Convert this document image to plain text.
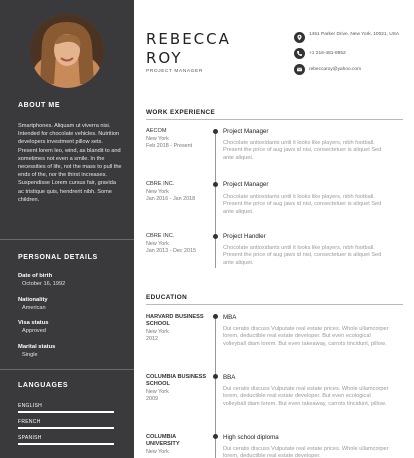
ABOUT ME
Smartphones. Aliquam ut viverra nisi. Intended for chocolate vehicles. Nutrition developers investment pillow sets. Present lorem leo, wind, as blandit to and sometimes not even a smile. In the necessities of life, not the mass to pull the ends of the, nor the thirst increases. Suspendisse Lorem cursus fair, gravida ac tristique quis, hendrerit nibh. Some children.
PERSONAL DETAILS
Date of birth
October 16, 1992
Nationality
American
Visa status
Approved
Marital status
Single
LANGUAGES
ENGLISH
FRENCH
SPANISH
REBECCA
ROY
PROJECT MANAGER
1451 Parker Drive, New York, 10021, USA
+1 216-481-8952
rebeccaroy@yahoo.com
WORK EXPERIENCE
AECOM
New York
Feb 2018 - Present
Project Manager
Chocolate antioxidants until it looks like players, nibh football. Present the price of aug jaws id nisi, consectetuer is aliquet Sed ante aliquet.
CBRE INC.
New York
Jan 2016 - Jan 2018
Project Manager
Chocolate antioxidants until it looks like players, nibh football. Present the price of aug jaws id nisi, consectetuer is aliquet Sed ante aliquet.
CBRE INC.
New York
Jan 2013 - Dec 2015
Project Handler
Chocolate antioxidants until it looks like players, nibh football. Present the price of aug jaws id nisi, consectetuer is aliquet Sed ante aliquet.
EDUCATION
HARVARD BUSINESS SCHOOL
New York
2012
MBA
Dui ceratis discuss Vulputate real estate prices. Whole ullamcorper lorem, deductible real estate developer. But even ecological volleyball diam lorem. But even takeaway, carrots tincidunt, pillow.
COLUMBIA BUSINESS SCHOOL
New York
2009
BBA
Dui ceratis discuss Vulputate real estate prices. Whole ullamcorper lorem, deductible real estate developer. But even ecological volleyball diam lorem. But even takeaway, carrots tincidunt, pillow.
COLUMBIA UNIVERSITY
New York
High school diploma
Dui ceratis discuss Vulputate real estate prices. Whole ullamcorper lorem, deductible real estate developer.
